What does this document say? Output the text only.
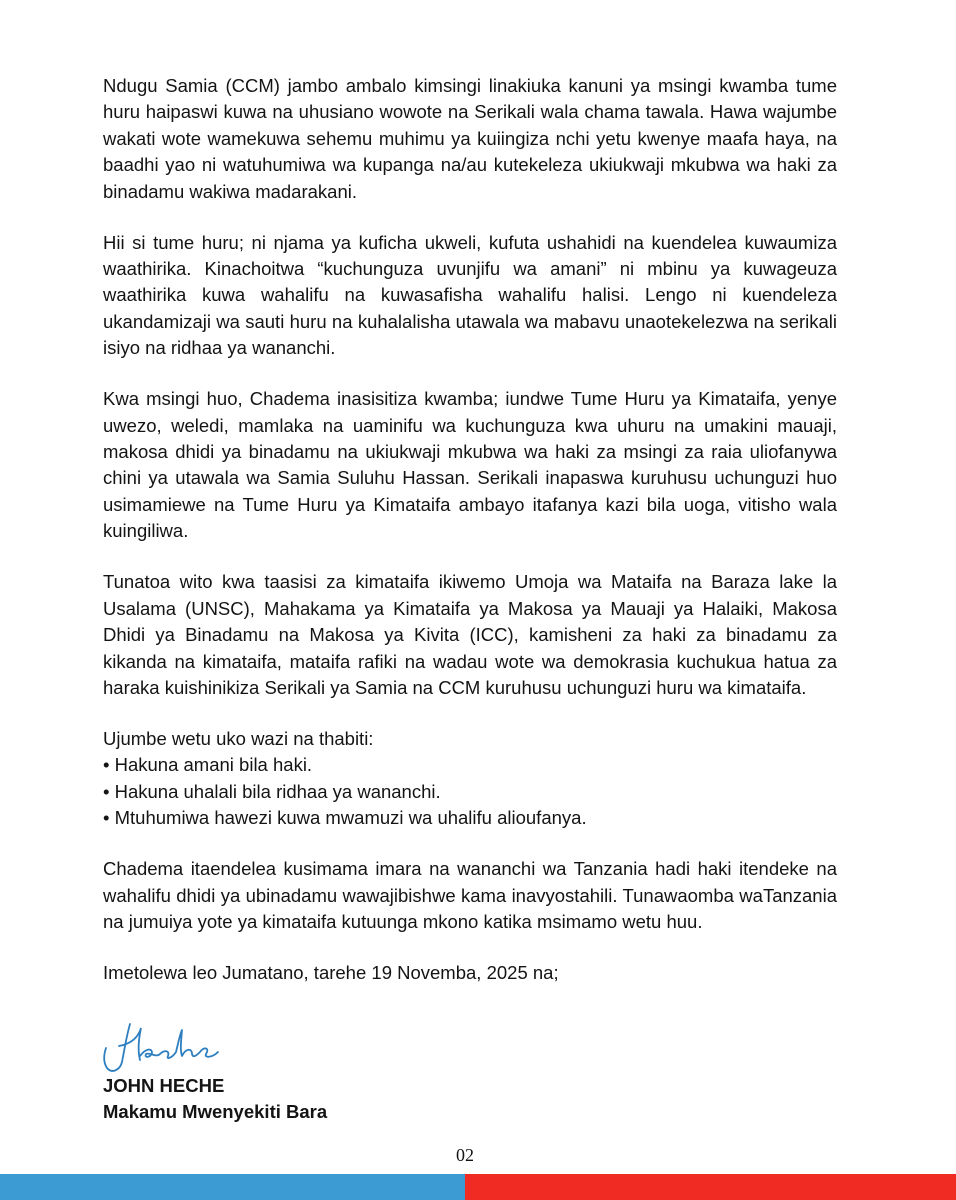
Ndugu Samia (CCM) jambo ambalo kimsingi linakiuka kanuni ya msingi kwamba tume huru haipaswi kuwa na uhusiano wowote na Serikali wala chama tawala. Hawa wajumbe wakati wote wamekuwa sehemu muhimu ya kuiingiza nchi yetu kwenye maafa haya, na baadhi yao ni watuhumiwa wa kupanga na/au kutekeleza ukiukwaji mkubwa wa haki za binadamu wakiwa madarakani.

Hii si tume huru; ni njama ya kuficha ukweli, kufuta ushahidi na kuendelea kuwaumiza waathirika. Kinachoitwa “kuchunguza uvunjifu wa amani” ni mbinu ya kuwageuza waathirika kuwa wahalifu na kuwasafisha wahalifu halisi. Lengo ni kuendeleza ukandamizaji wa sauti huru na kuhalalisha utawala wa mabavu unaotekelezwa na serikali isiyo na ridhaa ya wananchi.

Kwa msingi huo, Chadema inasisitiza kwamba; iundwe Tume Huru ya Kimataifa, yenye uwezo, weledi, mamlaka na uaminifu wa kuchunguza kwa uhuru na umakini mauaji, makosa dhidi ya binadamu na ukiukwaji mkubwa wa haki za msingi za raia uliofanywa chini ya utawala wa Samia Suluhu Hassan. Serikali inapaswa kuruhusu uchunguzi huo usimamiewe na Tume Huru ya Kimataifa ambayo itafanya kazi bila uoga, vitisho wala kuingiliwa.

Tunatoa wito kwa taasisi za kimataifa ikiwemo Umoja wa Mataifa na Baraza lake la Usalama (UNSC), Mahakama ya Kimataifa ya Makosa ya Mauaji ya Halaiki, Makosa Dhidi ya Binadamu na Makosa ya Kivita (ICC), kamisheni za haki za binadamu za kikanda na kimataifa, mataifa rafiki na wadau wote wa demokrasia kuchukua hatua za haraka kuishinikiza Serikali ya Samia na CCM kuruhusu uchunguzi huru wa kimataifa.

Ujumbe wetu uko wazi na thabiti:
• Hakuna amani bila haki.
• Hakuna uhalali bila ridhaa ya wananchi.
• Mtuhumiwa hawezi kuwa mwamuzi wa uhalifu alioufanya.

Chadema itaendelea kusimama imara na wananchi wa Tanzania hadi haki itendeke na wahalifu dhidi ya ubinadamu wawajibishwe kama inavyostahili. Tunawaomba waTanzania na jumuiya yote ya kimataifa kutuunga mkono katika msimamo wetu huu.

Imetolewa leo Jumatano, tarehe 19 Novemba, 2025 na;

JOHN HECHE
Makamu Mwenyekiti Bara
02
